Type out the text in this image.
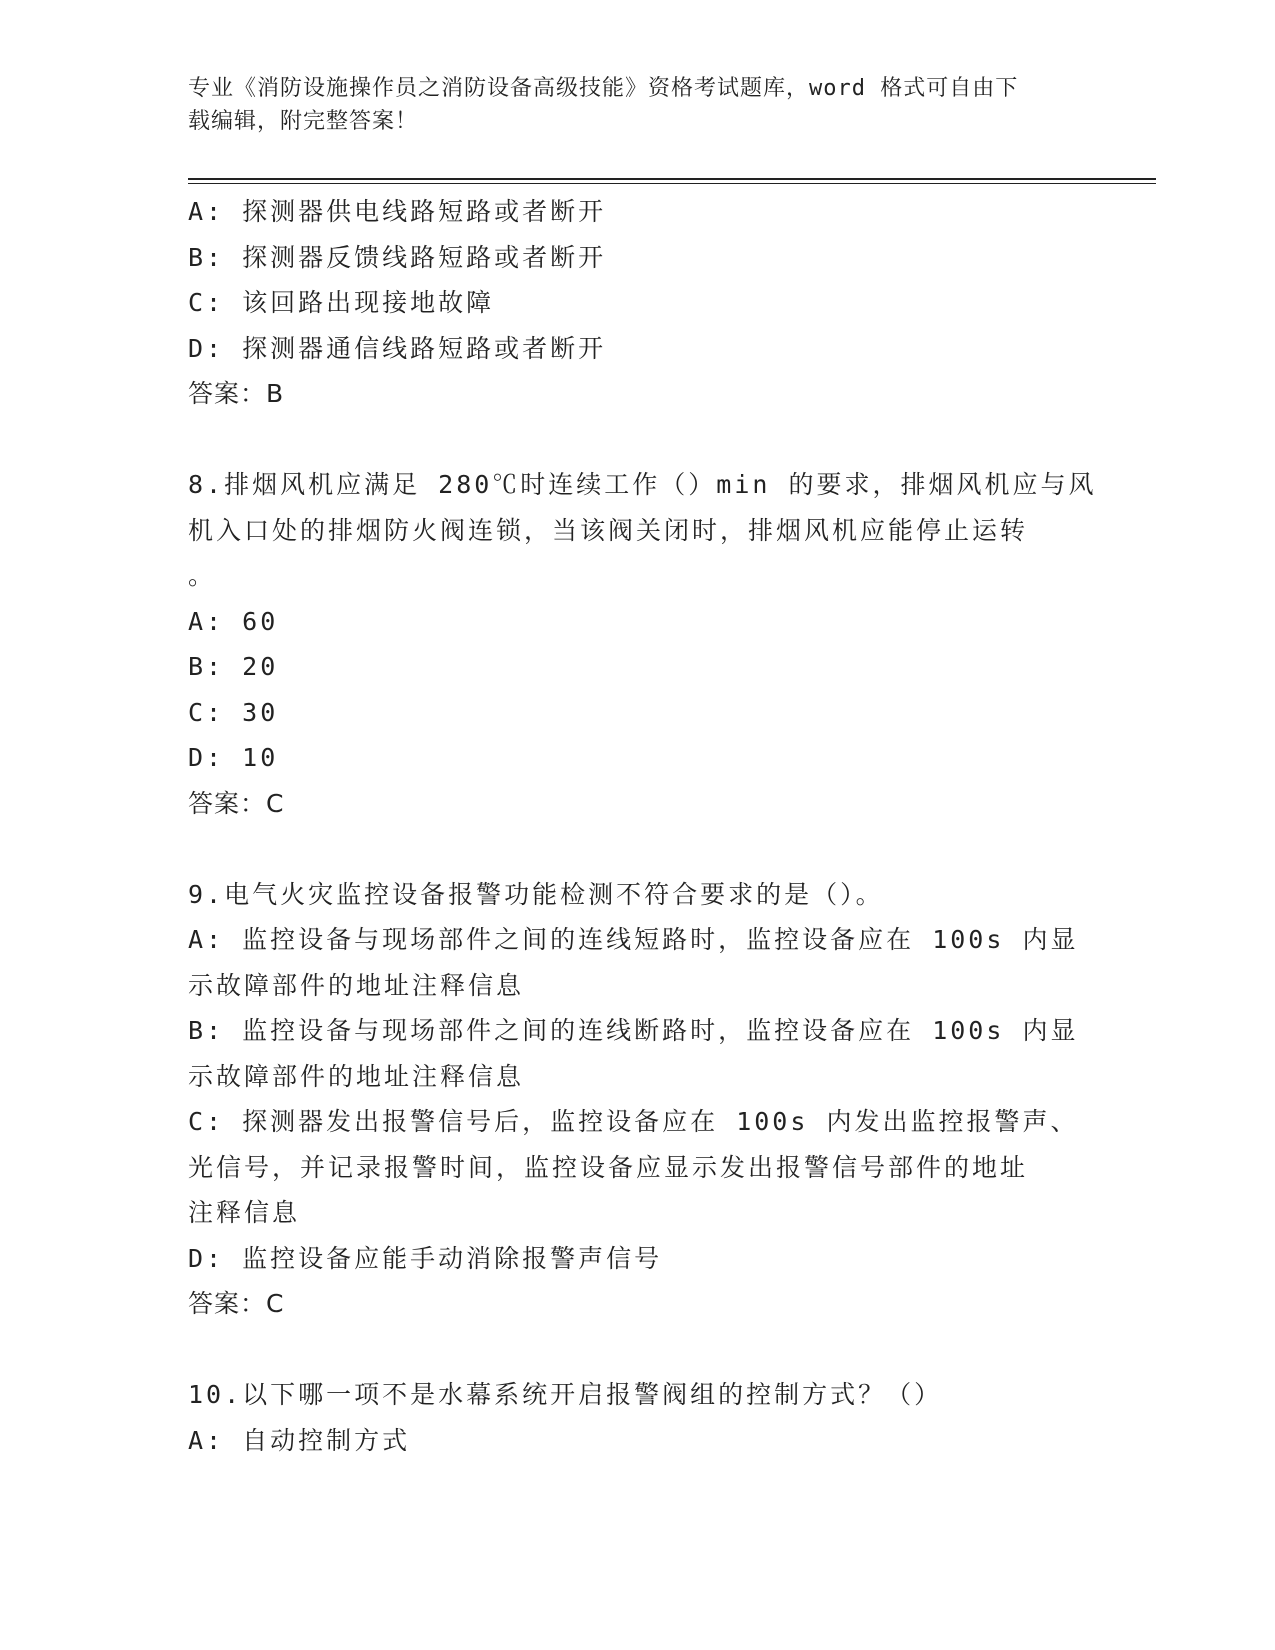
专业《消防设施操作员之消防设备高级技能》资格考试题库，word 格式可自由下
载编辑，附完整答案！
A: 探测器供电线路短路或者断开
B: 探测器反馈线路短路或者断开
C: 该回路出现接地故障
D: 探测器通信线路短路或者断开
答案：B
8.排烟风机应满足 280℃时连续工作（）min 的要求，排烟风机应与风
机入口处的排烟防火阀连锁，当该阀关闭时，排烟风机应能停止运转
。
A: 60
B: 20
C: 30
D: 10
答案：C
9.电气火灾监控设备报警功能检测不符合要求的是（）。
A: 监控设备与现场部件之间的连线短路时，监控设备应在 100s 内显
示故障部件的地址注释信息
B: 监控设备与现场部件之间的连线断路时，监控设备应在 100s 内显
示故障部件的地址注释信息
C: 探测器发出报警信号后，监控设备应在 100s 内发出监控报警声、
光信号，并记录报警时间，监控设备应显示发出报警信号部件的地址
注释信息
D: 监控设备应能手动消除报警声信号
答案：C
10.以下哪一项不是水幕系统开启报警阀组的控制方式？（）
A: 自动控制方式
